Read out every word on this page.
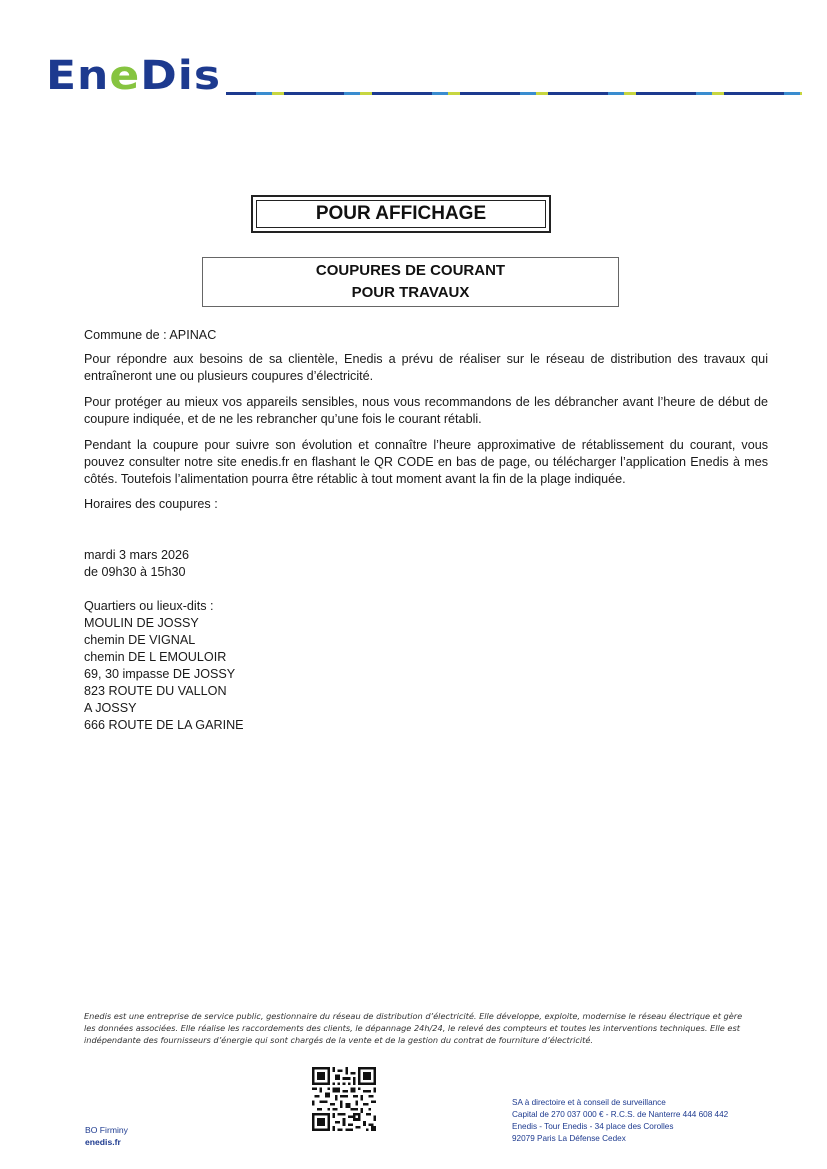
EneDis
POUR AFFICHAGE
COUPURES DE COURANT
POUR TRAVAUX
Commune de : APINAC
Pour répondre aux besoins de sa clientèle, Enedis a prévu de réaliser sur le réseau de distribution des travaux qui entraîneront une ou plusieurs coupures d’électricité.
Pour protéger au mieux vos appareils sensibles, nous vous recommandons de les débrancher avant l’heure de début de coupure indiquée, et de ne les rebrancher qu’une fois le courant rétabli.
Pendant la coupure pour suivre son évolution et connaître l’heure approximative de rétablissement du courant, vous pouvez consulter notre site enedis.fr en flashant le QR CODE en bas de page, ou télécharger l’application Enedis à mes côtés. Toutefois l’alimentation pourra être rétablic à tout moment avant la fin de la plage indiquée.
Horaires des coupures :
mardi 3 mars 2026
de 09h30 à 15h30
Quartiers ou lieux-dits :
MOULIN DE JOSSY
chemin DE VIGNAL
chemin DE L EMOULOIR
69, 30 impasse DE JOSSY
823 ROUTE DU VALLON
A JOSSY
666 ROUTE DE LA GARINE
Enedis est une entreprise de service public, gestionnaire du réseau de distribution d’électricité. Elle développe, exploite, modernise le réseau électrique et gère les données associées. Elle réalise les raccordements des clients, le dépannage 24h/24, le relevé des compteurs et toutes les interventions techniques. Elle est indépendante des fournisseurs d’énergie qui sont chargés de la vente et de la gestion du contrat de fourniture d’électricité.
BO Firminy
enedis.fr
SA à directoire et à conseil de surveillance
Capital de 270 037 000 € - R.C.S. de Nanterre 444 608 442
Enedis - Tour Enedis - 34 place des Corolles
92079 Paris La Défense Cedex
